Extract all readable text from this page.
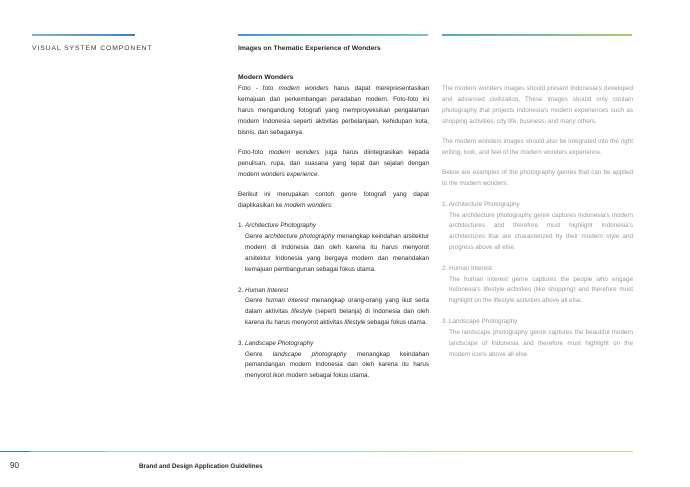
VISUAL SYSTEM COMPONENT	Images on Thematic Experience of Wonders
Modern Wonders
Foto - foto modern wonders harus dapat merepresentasikan kemajuan dan perkembangan peradaban modern. Foto-foto ini harus mengandung fotografi yang memproyeksikan pengalaman modern Indonesia seperti aktivitas perbelanjaan, kehidupan kota, bisnis, dan sebagainya.
Foto-foto modern wonders juga harus diintegrasikan kepada penulisan, rupa, dan suasana yang tepat dan sejalan dengan modern wonders experience.
Berikut ini merupakan contoh genre fotografi yang dapat diaplikasikan ke modern wonders:
1. Architecture Photography
Genre architecture photography menangkap keindahan arsitektur modern di Indonesia dan oleh karena itu harus menyorot arsitektur Indonesia yang bergaya modern dan menandakan kemajuan pembangunan sebagai fokus utama.
2. Human Interest
Genre human interest menangkap orang-orang yang ikut serta dalam aktivitas lifestyle (seperti belanja) di Indonesia dan oleh karena itu harus menyorot aktivitas lifestyle sebagai fokus utama.
3. Landscape Photography
Genre landscape photography menangkap keindahan pemandangan modern Indonesia dan oleh karena itu harus menyorot ikon modern sebagai fokus utama.
The modern wonders images should present Indonesia's developed and advanced civilization. These images should only contain photography that projects Indonesia's modern experiences such as shopping activities, city life, business, and many others.
The modern wonders images should also be integrated into the right writing, look, and feel of the modern wonders experience.
Below are examples of the photography genres that can be applied to the modern wonders:
1. Architecture Photography
The architecture photography genre captures Indonesia's modern architectures and therefore must highlight Indonesia's architectures that are characterized by their modern style and progress above all else.
2. Human Interest
The human interest genre captures the people who engage Indonesia's lifestyle activities (like shopping) and therefore must highlight on the lifestyle activities above all else.
3. Landscape Photography
The landscape photography genre captures the beautiful modern landscape of Indonesia and therefore must highlight on the modern icons above all else.
90	Brand and Design Application Guidelines
